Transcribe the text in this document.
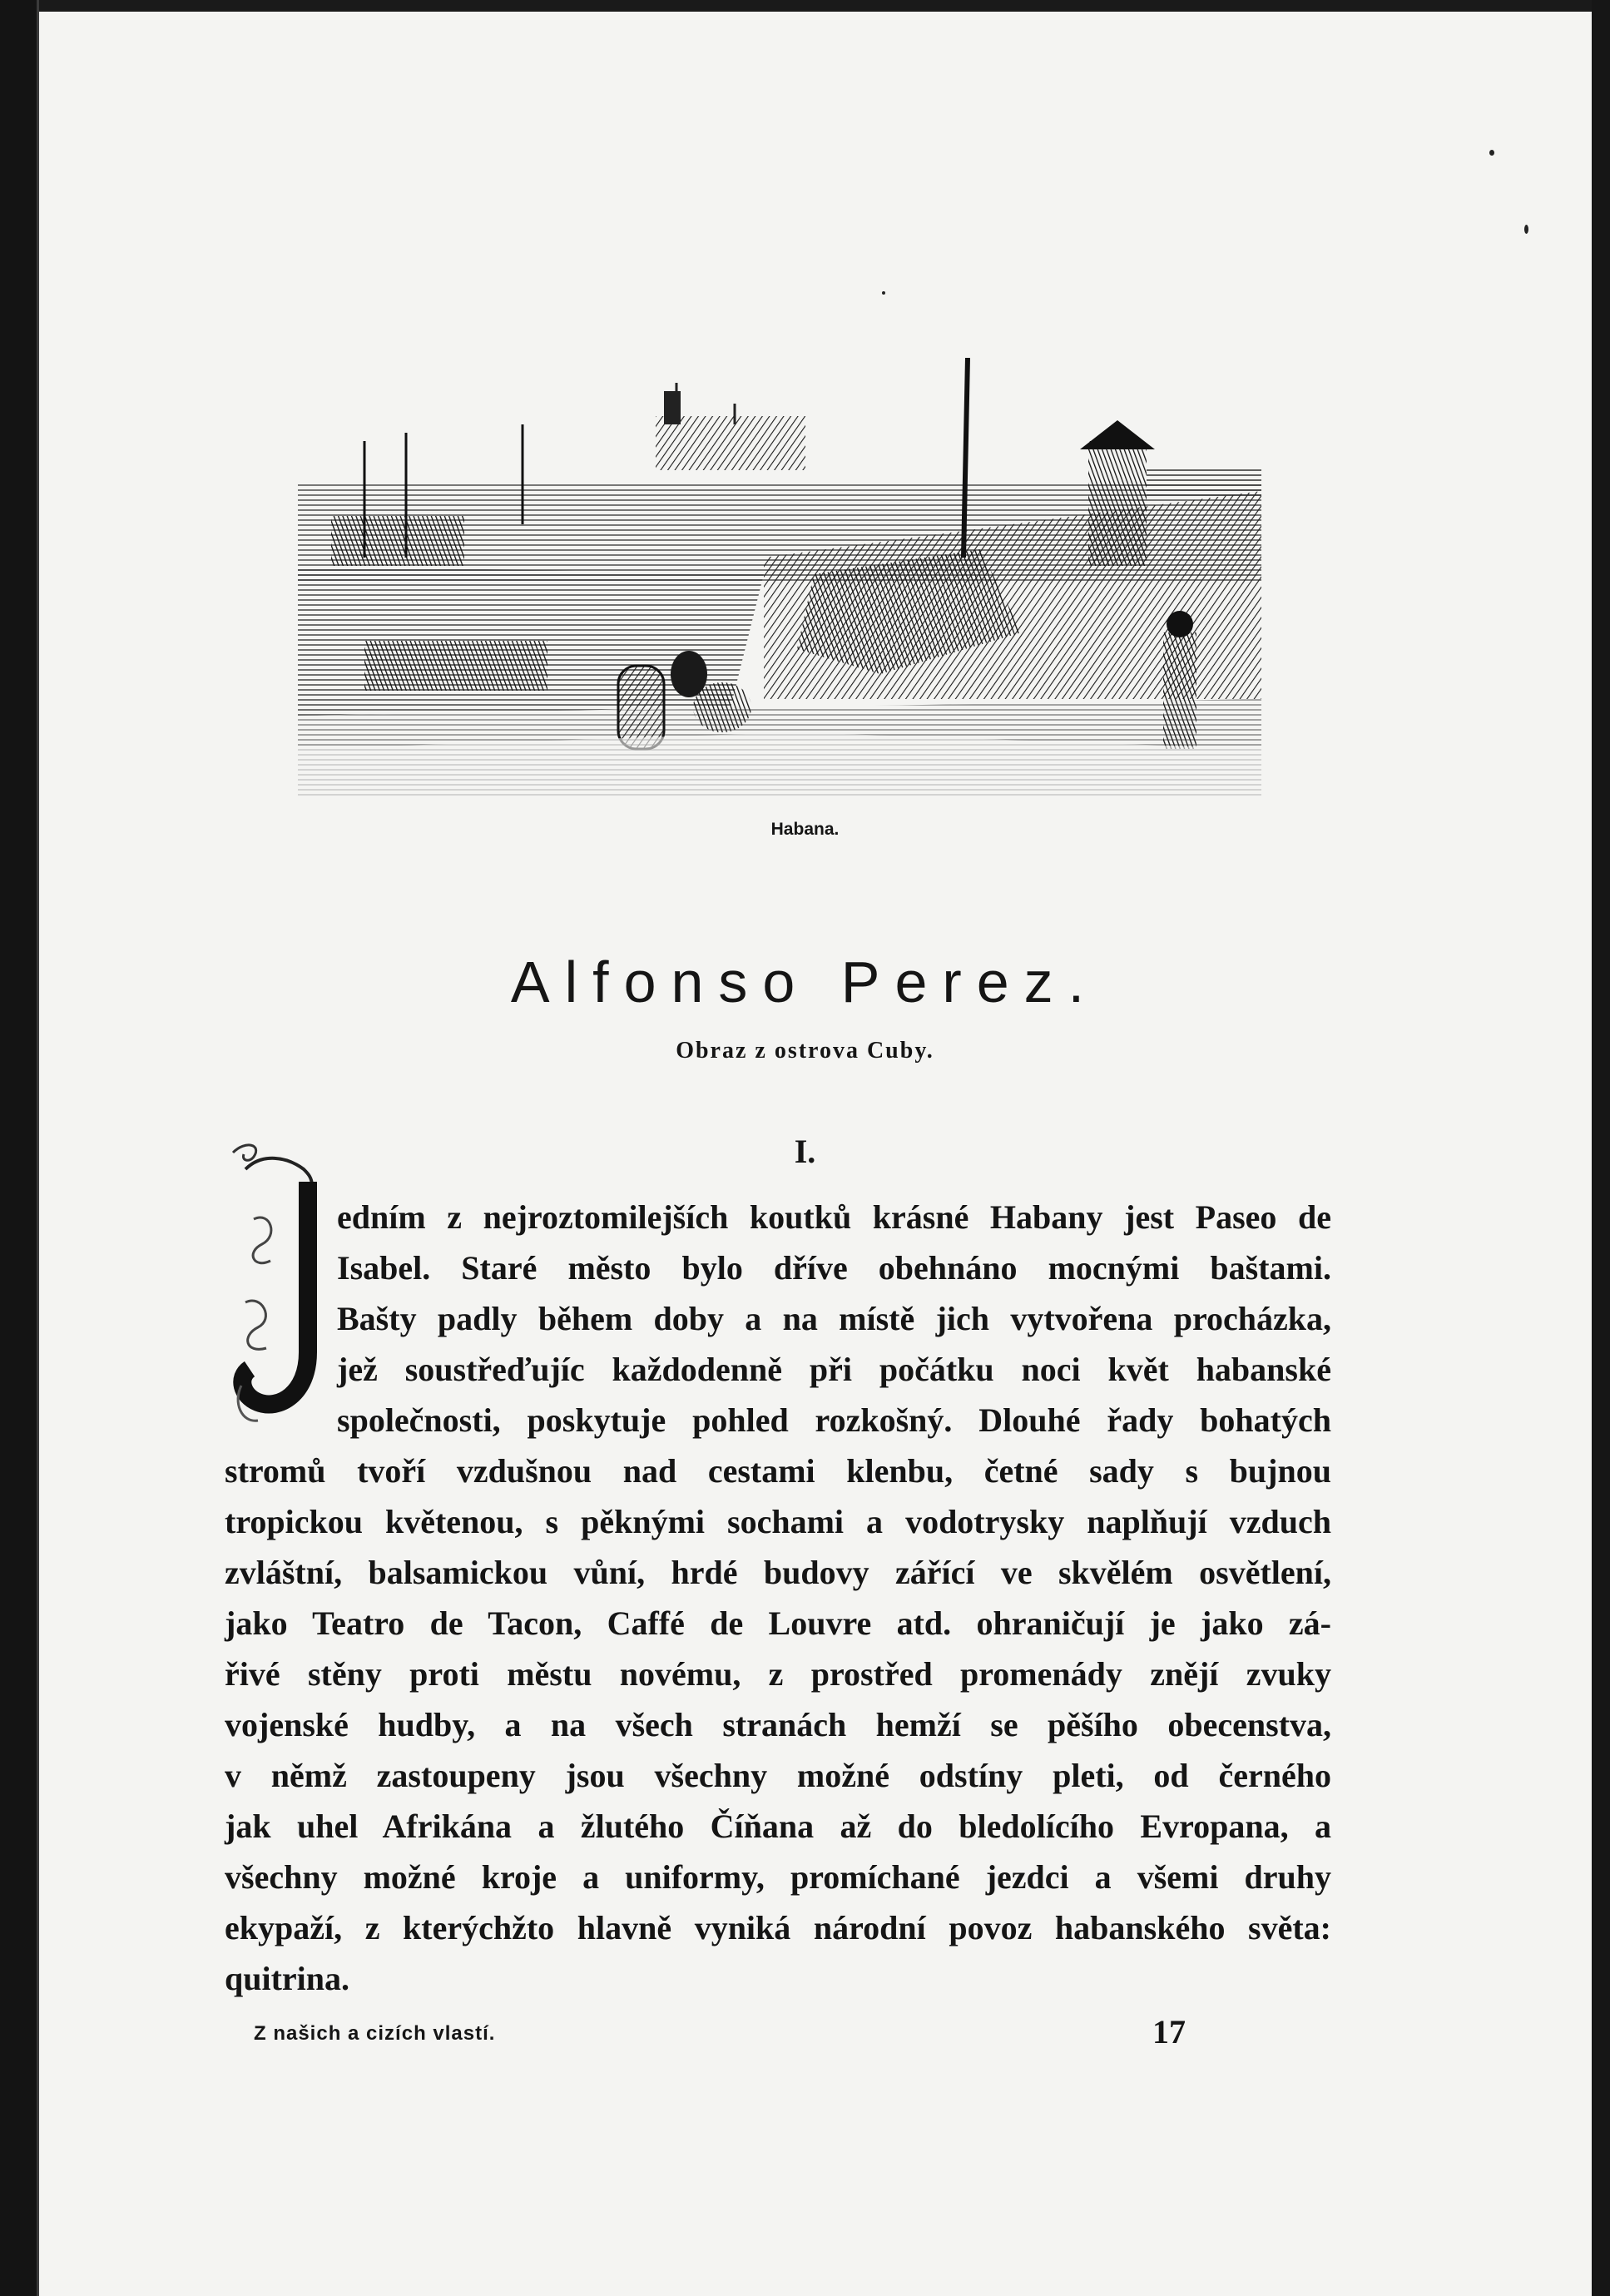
Habana.
Alfonso Perez.
Obraz z ostrova Cuby.
I.
edním z nejroztomilejších koutků krásné Habany jest Paseo de
Isabel. Staré město bylo dříve obehnáno mocnými baštami.
Bašty padly během doby a na místě jich vytvořena procházka,
jež soustřeďujíc každodenně při počátku noci květ habanské
společnosti, poskytuje pohled rozkošný. Dlouhé řady bohatých
stromů tvoří vzdušnou nad cestami klenbu, četné sady s bujnou
tropickou květenou, s pěknými sochami a vodotrysky naplňují vzduch
zvláštní, balsamickou vůní, hrdé budovy zářící ve skvělém osvětlení,
jako Teatro de Tacon, Caffé de Louvre atd. ohraničují je jako zá-
řivé stěny proti městu novému, z prostřed promenády znějí zvuky
vojenské hudby, a na všech stranách hemží se pěšího obecenstva,
v němž zastoupeny jsou všechny možné odstíny pleti, od černého
jak uhel Afrikána a žlutého Číňana až do bledolícího Evropana, a
všechny možné kroje a uniformy, promíchané jezdci a všemi druhy
ekypaží, z kterýchžto hlavně vyniká národní povoz habanského světa:
quitrina.
Z našich a cizích vlastí.	17
